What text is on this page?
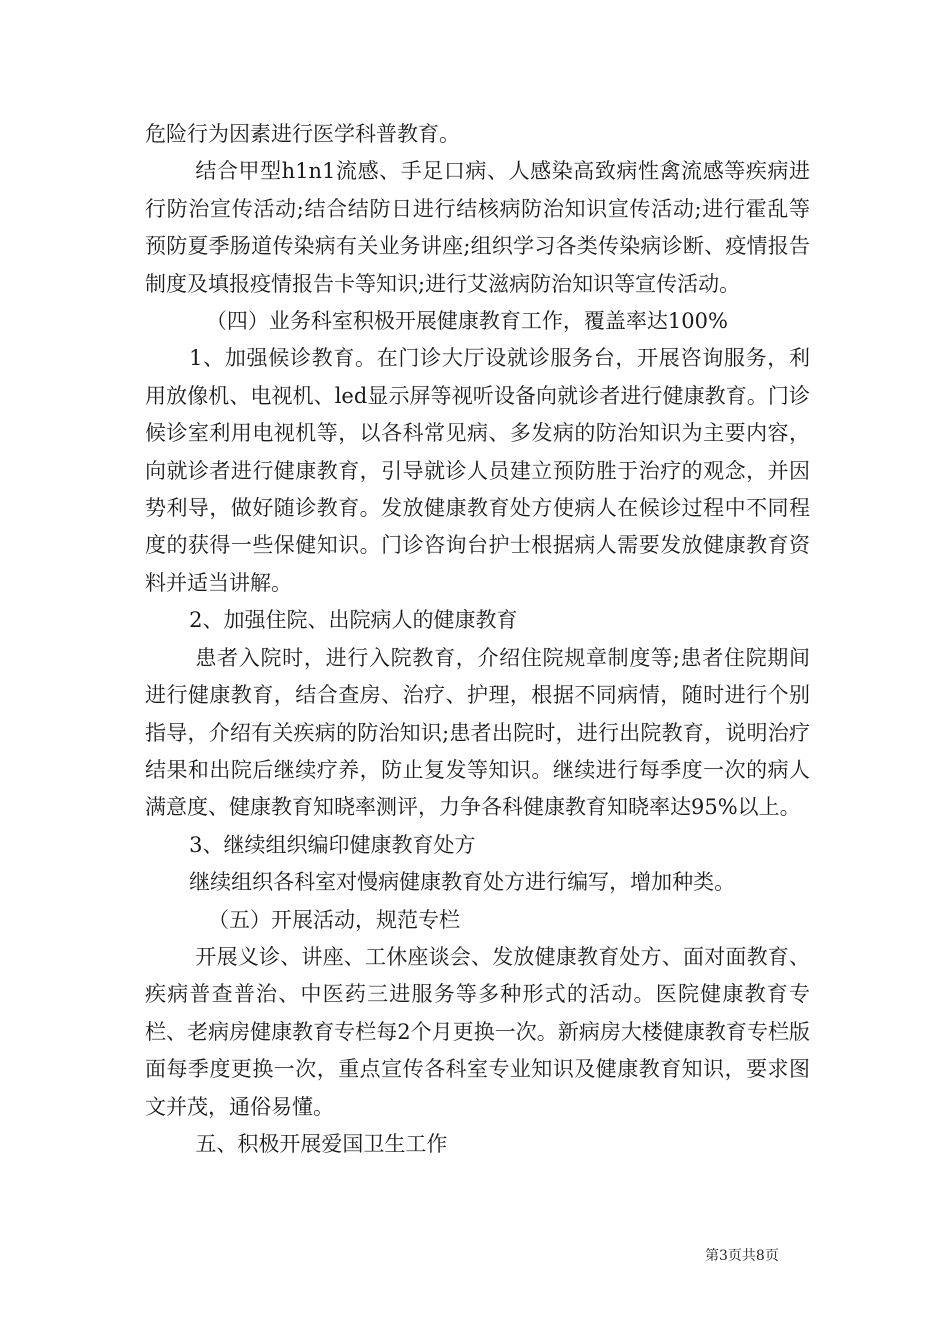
危险行为因素进行医学科普教育。

结合甲型h1n1流感、手足口病、人感染高致病性禽流感等疾病进行防治宣传活动;结合结防日进行结核病防治知识宣传活动;进行霍乱等预防夏季肠道传染病有关业务讲座;组织学习各类传染病诊断、疫情报告制度及填报疫情报告卡等知识;进行艾滋病防治知识等宣传活动。

（四）业务科室积极开展健康教育工作，覆盖率达100%

1、加强候诊教育。在门诊大厅设就诊服务台，开展咨询服务，利用放像机、电视机、led显示屏等视听设备向就诊者进行健康教育。门诊候诊室利用电视机等，以各科常见病、多发病的防治知识为主要内容，向就诊者进行健康教育，引导就诊人员建立预防胜于治疗的观念，并因势利导，做好随诊教育。发放健康教育处方使病人在候诊过程中不同程度的获得一些保健知识。门诊咨询台护士根据病人需要发放健康教育资料并适当讲解。

2、加强住院、出院病人的健康教育

患者入院时，进行入院教育，介绍住院规章制度等;患者住院期间进行健康教育，结合查房、治疗、护理，根据不同病情，随时进行个别指导，介绍有关疾病的防治知识;患者出院时，进行出院教育，说明治疗结果和出院后继续疗养，防止复发等知识。继续进行每季度一次的病人满意度、健康教育知晓率测评，力争各科健康教育知晓率达95%以上。

3、继续组织编印健康教育处方

继续组织各科室对慢病健康教育处方进行编写，增加种类。

（五）开展活动，规范专栏

开展义诊、讲座、工休座谈会、发放健康教育处方、面对面教育、疾病普查普治、中医药三进服务等多种形式的活动。医院健康教育专栏、老病房健康教育专栏每2个月更换一次。新病房大楼健康教育专栏版面每季度更换一次，重点宣传各科室专业知识及健康教育知识，要求图文并茂，通俗易懂。

五、积极开展爱国卫生工作

第3页共8页
